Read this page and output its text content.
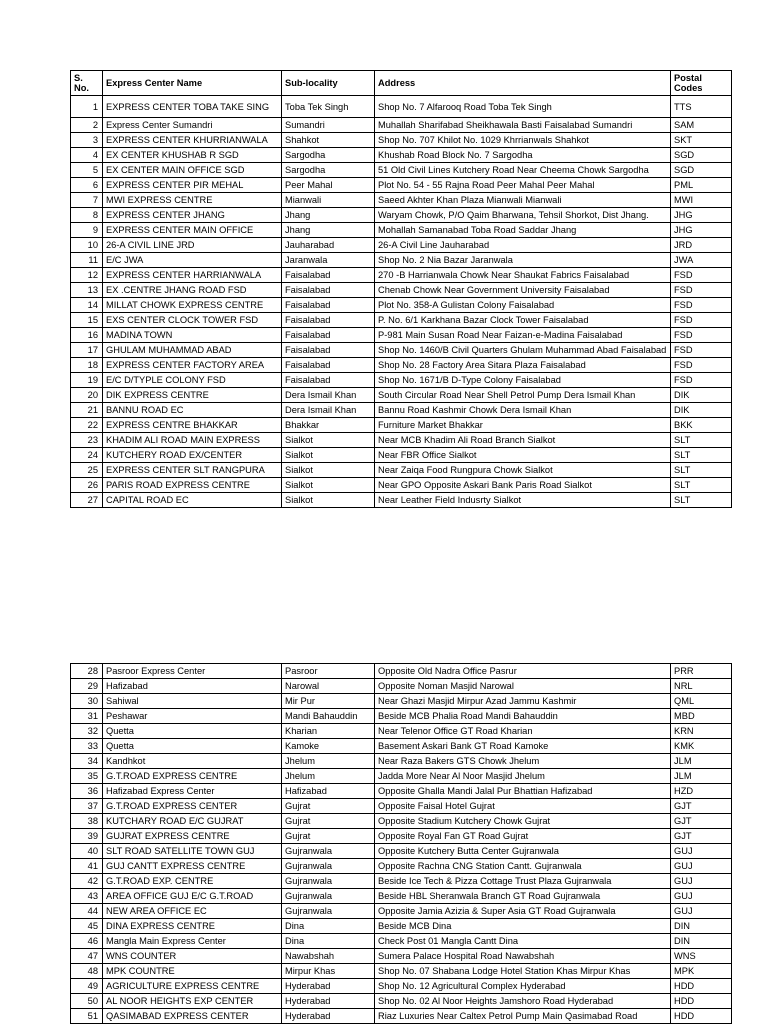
S. No.	Express Center Name	Sub-locality	Address	Postal Codes
1	EXPRESS CENTER TOBA TAKE SING	Toba Tek Singh	Shop No. 7 Alfarooq Road Toba Tek Singh	TTS
2	Express Center Sumandri	Sumandri	Muhallah Sharifabad Sheikhawala Basti Faisalabad Sumandri	SAM
3	EXPRESS CENTER KHURRIANWALA	Shahkot	Shop No. 707 Khilot No. 1029 Khrrianwals Shahkot	SKT
4	EX CENTER KHUSHAB R SGD	Sargodha	Khushab Road Block No. 7 Sargodha	SGD
5	EX CENTER MAIN OFFICE SGD	Sargodha	51 Old Civil Lines Kutchery Road Near Cheema Chowk Sargodha	SGD
6	EXPRESS CENTER PIR MEHAL	Peer Mahal	Plot No. 54 - 55 Rajna Road Peer Mahal Peer Mahal	PML
7	MWI EXPRESS CENTRE	Mianwali	Saeed Akhter Khan Plaza Mianwali Mianwali	MWI
8	EXPRESS CENTER JHANG	Jhang	Waryam Chowk, P/O Qaim Bharwana, Tehsil Shorkot, Dist Jhang.	JHG
9	EXPRESS CENTER MAIN OFFICE	Jhang	Mohallah Samanabad Toba Road Saddar Jhang	JHG
10	26-A CIVIL LINE JRD	Jauharabad	26-A Civil Line Jauharabad	JRD
11	E/C JWA	Jaranwala	Shop No. 2 Nia Bazar Jaranwala	JWA
12	EXPRESS CENTER HARRIANWALA	Faisalabad	270 -B Harrianwala Chowk Near Shaukat Fabrics Faisalabad	FSD
13	EX .CENTRE JHANG ROAD FSD	Faisalabad	Chenab Chowk Near Government University Faisalabad	FSD
14	MILLAT CHOWK EXPRESS CENTRE	Faisalabad	Plot No. 358-A Gulistan Colony Faisalabad	FSD
15	EXS CENTER CLOCK TOWER FSD	Faisalabad	P. No. 6/1 Karkhana Bazar Clock Tower Faisalabad	FSD
16	MADINA TOWN	Faisalabad	P-981 Main Susan Road Near Faizan-e-Madina Faisalabad	FSD
17	GHULAM MUHAMMAD ABAD	Faisalabad	Shop No. 1460/B Civil Quarters Ghulam Muhammad Abad Faisalabad	FSD
18	EXPRESS CENTER FACTORY AREA	Faisalabad	Shop No. 28 Factory Area Sitara Plaza Faisalabad	FSD
19	E/C D/TYPLE COLONY FSD	Faisalabad	Shop No. 1671/B D-Type Colony Faisalabad	FSD
20	DIK EXPRESS CENTRE	Dera Ismail Khan	South Circular Road Near Shell Petrol Pump Dera Ismail Khan	DIK
21	BANNU ROAD EC	Dera Ismail Khan	Bannu Road Kashmir Chowk Dera Ismail Khan	DIK
22	EXPRESS CENTRE BHAKKAR	Bhakkar	Furniture Market Bhakkar	BKK
23	KHADIM ALI ROAD MAIN EXPRESS	Sialkot	Near MCB Khadim Ali Road Branch Sialkot	SLT
24	KUTCHERY ROAD EX/CENTER	Sialkot	Near FBR Office Sialkot	SLT
25	EXPRESS CENTER SLT RANGPURA	Sialkot	Near Zaiqa Food Rungpura Chowk Sialkot	SLT
26	PARIS ROAD EXPRESS CENTRE	Sialkot	Near GPO Opposite Askari Bank Paris Road Sialkot	SLT
27	CAPITAL ROAD EC	Sialkot	Near Leather Field Indusrty Sialkot	SLT
28	Pasroor Express Center	Pasroor	Opposite Old Nadra Office Pasrur	PRR
29	Hafizabad	Narowal	Opposite Noman Masjid Narowal	NRL
30	Sahiwal	Mir Pur	Near Ghazi Masjid Mirpur Azad Jammu Kashmir	QML
31	Peshawar	Mandi Bahauddin	Beside MCB Phalia Road Mandi Bahauddin	MBD
32	Quetta	Kharian	Near Telenor Office GT Road Kharian	KRN
33	Quetta	Kamoke	Basement Askari Bank GT Road Kamoke	KMK
34	Kandhkot	Jhelum	Near Raza Bakers GTS Chowk Jhelum	JLM
35	G.T.ROAD EXPRESS CENTRE	Jhelum	Jadda More Near Al Noor Masjid Jhelum	JLM
36	Hafizabad Express Center	Hafizabad	Opposite Ghalla Mandi Jalal Pur Bhattian Hafizabad	HZD
37	G.T.ROAD EXPRESS CENTER	Gujrat	Opposite Faisal Hotel Gujrat	GJT
38	KUTCHARY ROAD E/C GUJRAT	Gujrat	Opposite Stadium Kutchery Chowk Gujrat	GJT
39	GUJRAT EXPRESS CENTRE	Gujrat	Opposite Royal Fan GT Road Gujrat	GJT
40	SLT ROAD SATELLITE TOWN GUJ	Gujranwala	Opposite Kutchery Butta Center Gujranwala	GUJ
41	GUJ CANTT EXPRESS CENTRE	Gujranwala	Opposite Rachna CNG Station Cantt. Gujranwala	GUJ
42	G.T.ROAD EXP. CENTRE	Gujranwala	Beside Ice Tech & Pizza Cottage Trust Plaza Gujranwala	GUJ
43	AREA OFFICE GUJ E/C G.T.ROAD	Gujranwala	Beside HBL Sheranwala Branch GT Road Gujranwala	GUJ
44	NEW AREA OFFICE EC	Gujranwala	Opposite Jamia Azizia & Super Asia GT Road Gujranwala	GUJ
45	DINA EXPRESS CENTRE	Dina	Beside MCB Dina	DIN
46	Mangla Main Express Center	Dina	Check Post 01 Mangla Cantt Dina	DIN
47	WNS COUNTER	Nawabshah	Sumera Palace Hospital Road Nawabshah	WNS
48	MPK COUNTRE	Mirpur Khas	Shop No. 07 Shabana Lodge Hotel Station Khas Mirpur Khas	MPK
49	AGRICULTURE EXPRESS CENTRE	Hyderabad	Shop No. 12 Agricultural Complex Hyderabad	HDD
50	AL NOOR HEIGHTS EXP CENTER	Hyderabad	Shop No. 02 Al Noor Heights Jamshoro Road Hyderabad	HDD
51	QASIMABAD EXPRESS CENTER	Hyderabad	Riaz Luxuries Near Caltex Petrol Pump Main Qasimabad Road	HDD
